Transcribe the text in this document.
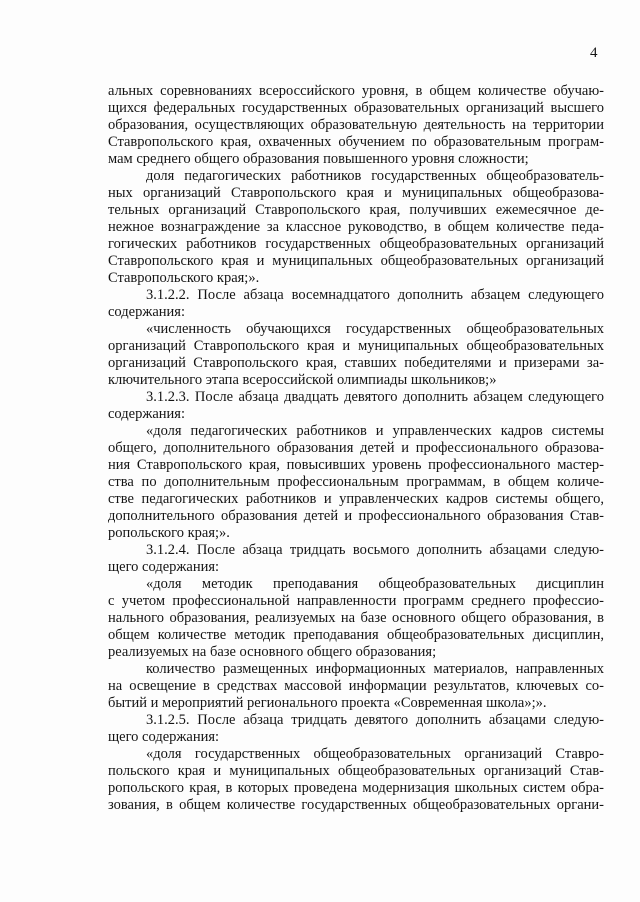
4
альных соревнованиях всероссийского уровня, в общем количестве обучаю-
щихся федеральных государственных образовательных организаций высшего
образования, осуществляющих образовательную деятельность на территории
Ставропольского края, охваченных обучением по образовательным програм-
мам среднего общего образования повышенного уровня сложности;
доля педагогических работников государственных общеобразователь-
ных организаций Ставропольского края и муниципальных общеобразова-
тельных организаций Ставропольского края, получивших ежемесячное де-
нежное вознаграждение за классное руководство, в общем количестве педа-
гогических работников государственных общеобразовательных организаций
Ставропольского края и муниципальных общеобразовательных организаций
Ставропольского края;».
3.1.2.2. После абзаца восемнадцатого дополнить абзацем следующего
содержания:
«численность обучающихся государственных общеобразовательных
организаций Ставропольского края и муниципальных общеобразовательных
организаций Ставропольского края, ставших победителями и призерами за-
ключительного этапа всероссийской олимпиады школьников;»
3.1.2.3. После абзаца двадцать девятого дополнить абзацем следующего
содержания:
«доля педагогических работников и управленческих кадров системы
общего, дополнительного образования детей и профессионального образова-
ния Ставропольского края, повысивших уровень профессионального мастер-
ства по дополнительным профессиональным программам, в общем количе-
стве педагогических работников и управленческих кадров системы общего,
дополнительного образования детей и профессионального образования Став-
ропольского края;».
3.1.2.4. После абзаца тридцать восьмого дополнить абзацами следую-
щего содержания:
«доля методик преподавания общеобразовательных дисциплин
с учетом профессиональной направленности программ среднего профессио-
нального образования, реализуемых на базе основного общего образования, в
общем количестве методик преподавания общеобразовательных дисциплин,
реализуемых на базе основного общего образования;
количество размещенных информационных материалов, направленных
на освещение в средствах массовой информации результатов, ключевых со-
бытий и мероприятий регионального проекта «Современная школа»;».
3.1.2.5. После абзаца тридцать девятого дополнить абзацами следую-
щего содержания:
«доля государственных общеобразовательных организаций Ставро-
польского края и муниципальных общеобразовательных организаций Став-
ропольского края, в которых проведена модернизация школьных систем обра-
зования, в общем количестве государственных общеобразовательных органи-
